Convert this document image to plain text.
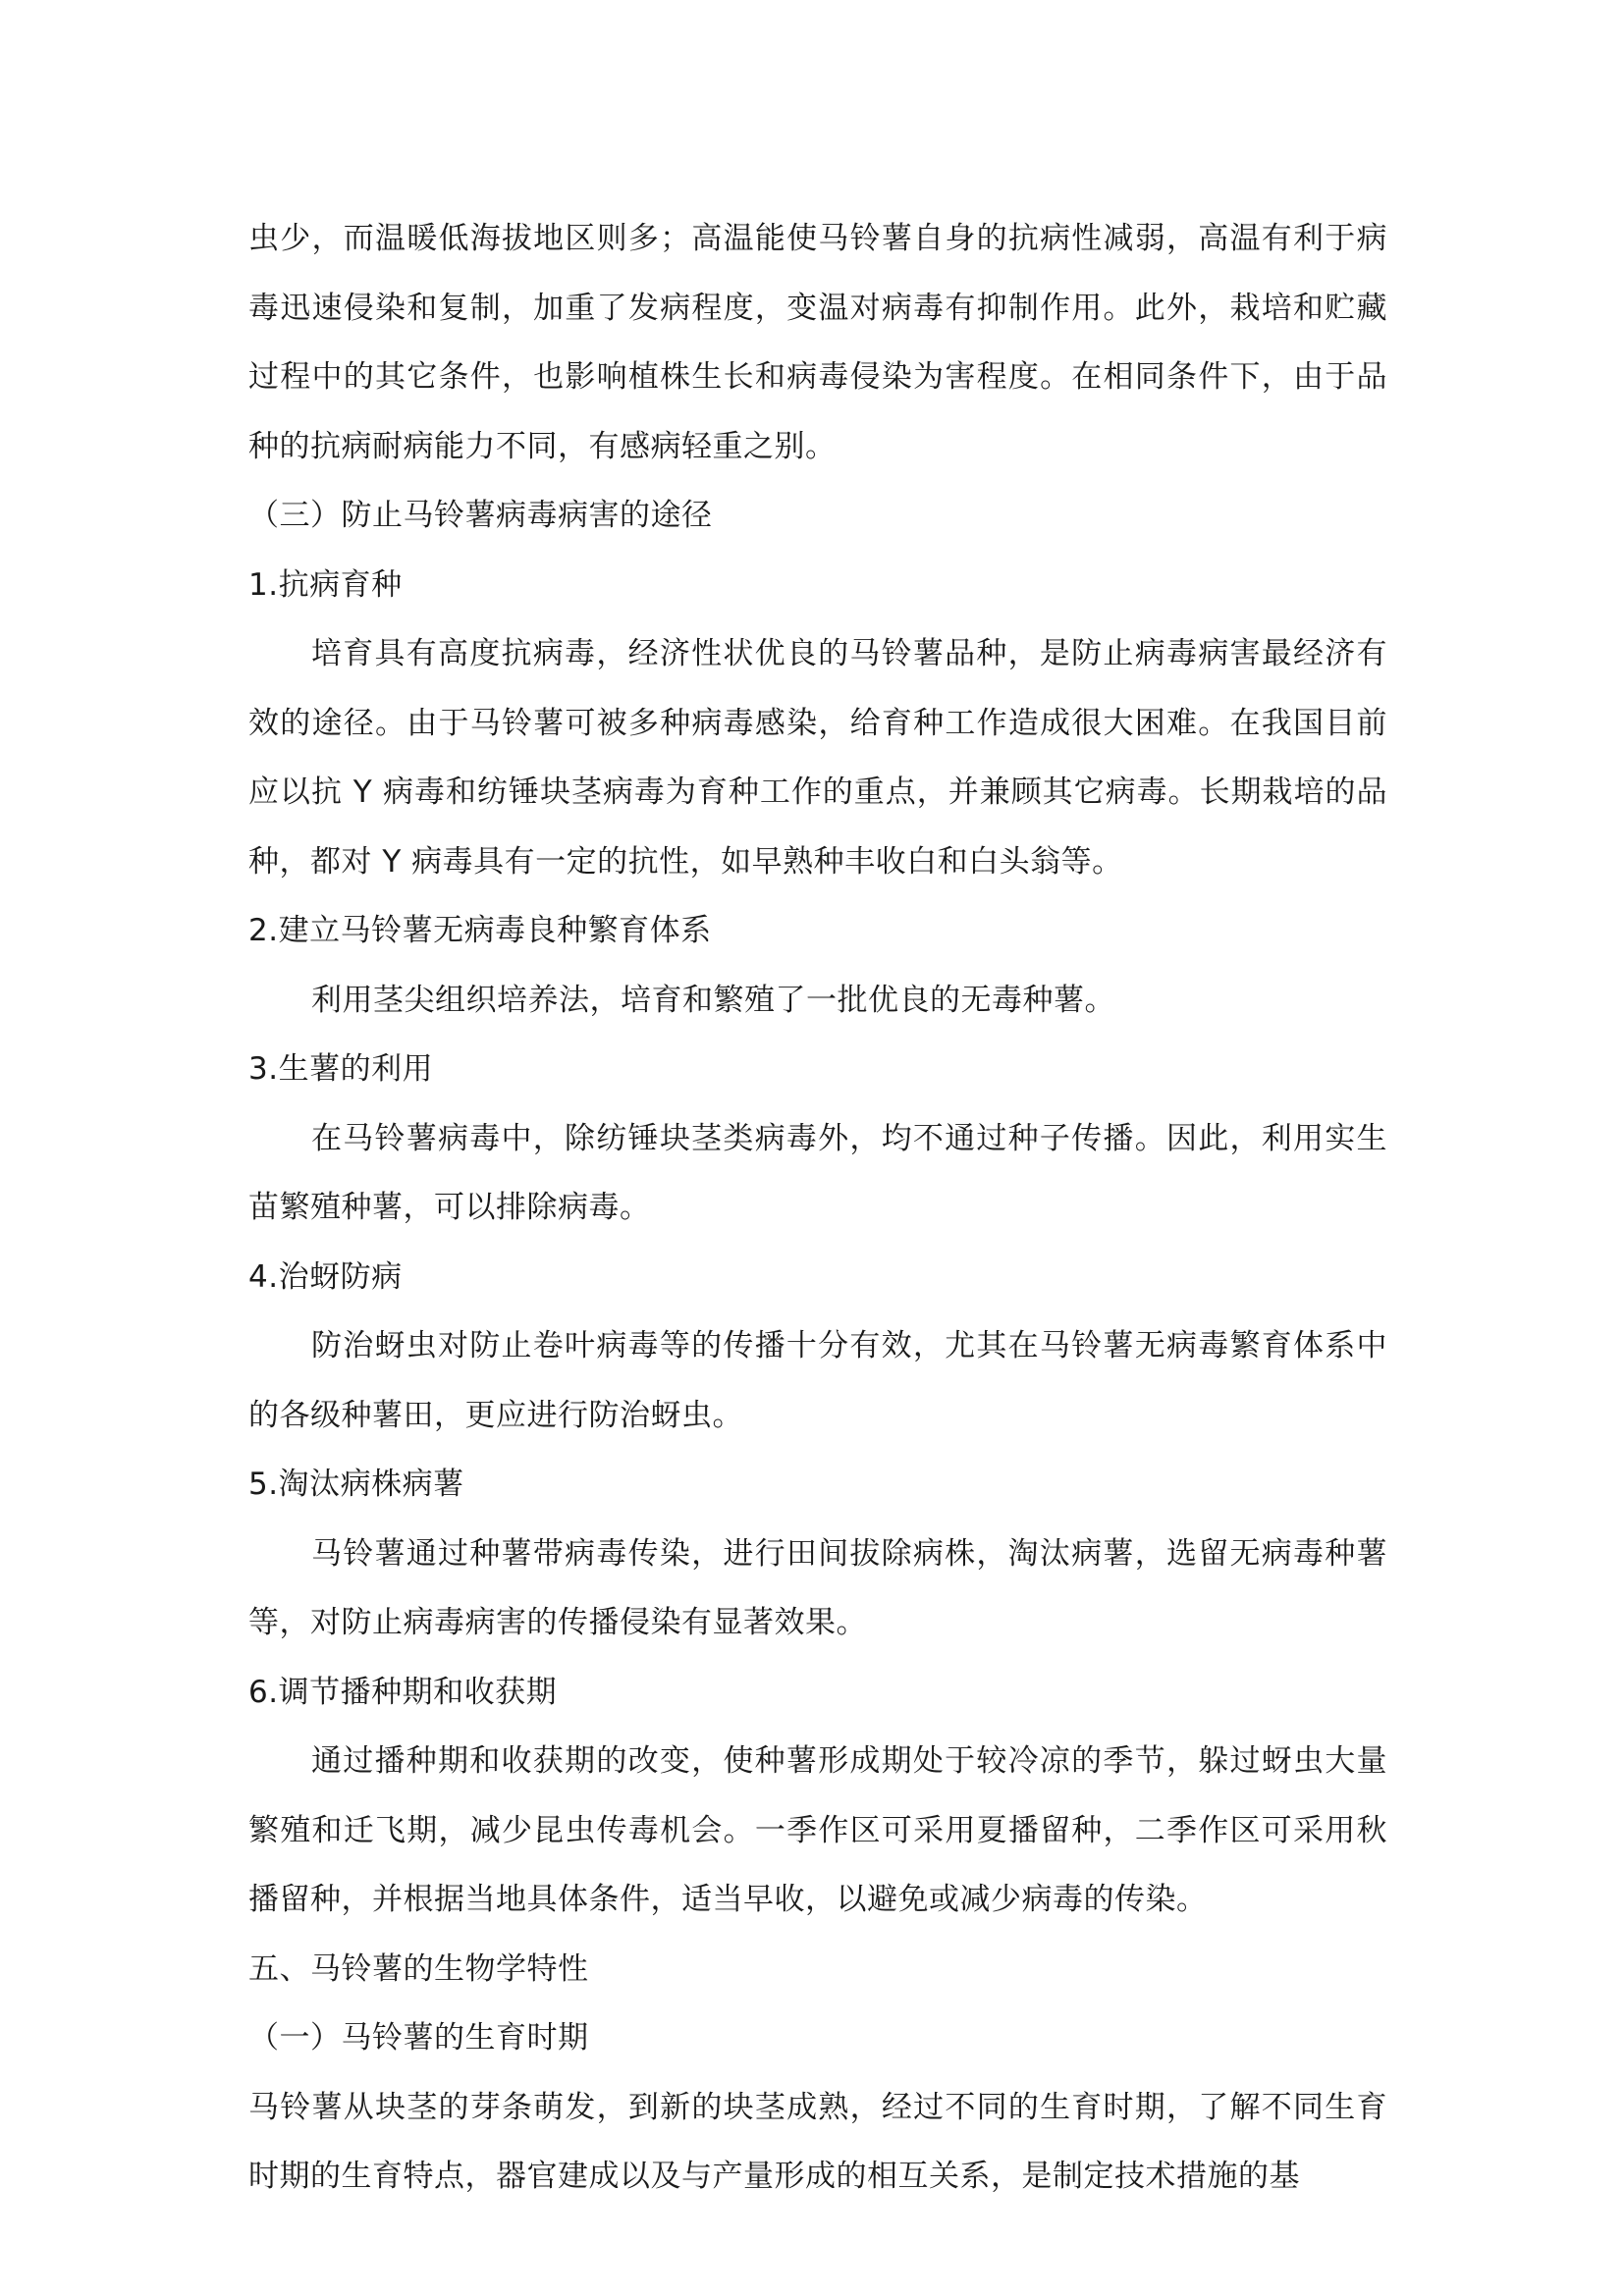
虫少，而温暖低海拔地区则多；高温能使马铃薯自身的抗病性减弱，高温有利于病毒迅速侵染和复制，加重了发病程度，变温对病毒有抑制作用。此外，栽培和贮藏过程中的其它条件，也影响植株生长和病毒侵染为害程度。在相同条件下，由于品种的抗病耐病能力不同，有感病轻重之别。

（三）防止马铃薯病毒病害的途径

1.抗病育种

培育具有高度抗病毒，经济性状优良的马铃薯品种，是防止病毒病害最经济有效的途径。由于马铃薯可被多种病毒感染，给育种工作造成很大困难。在我国目前应以抗 Y 病毒和纺锤块茎病毒为育种工作的重点，并兼顾其它病毒。长期栽培的品种，都对 Y 病毒具有一定的抗性，如早熟种丰收白和白头翁等。

2.建立马铃薯无病毒良种繁育体系

利用茎尖组织培养法，培育和繁殖了一批优良的无毒种薯。

3.生薯的利用

在马铃薯病毒中，除纺锤块茎类病毒外，均不通过种子传播。因此，利用实生苗繁殖种薯，可以排除病毒。

4.治蚜防病

防治蚜虫对防止卷叶病毒等的传播十分有效，尤其在马铃薯无病毒繁育体系中的各级种薯田，更应进行防治蚜虫。

5.淘汰病株病薯

马铃薯通过种薯带病毒传染，进行田间拔除病株，淘汰病薯，选留无病毒种薯等，对防止病毒病害的传播侵染有显著效果。

6.调节播种期和收获期

通过播种期和收获期的改变，使种薯形成期处于较冷凉的季节，躲过蚜虫大量繁殖和迁飞期，减少昆虫传毒机会。一季作区可采用夏播留种，二季作区可采用秋播留种，并根据当地具体条件，适当早收，以避免或减少病毒的传染。

五、马铃薯的生物学特性

（一）马铃薯的生育时期

马铃薯从块茎的芽条萌发，到新的块茎成熟，经过不同的生育时期，了解不同生育时期的生育特点，器官建成以及与产量形成的相互关系，是制定技术措施的基
